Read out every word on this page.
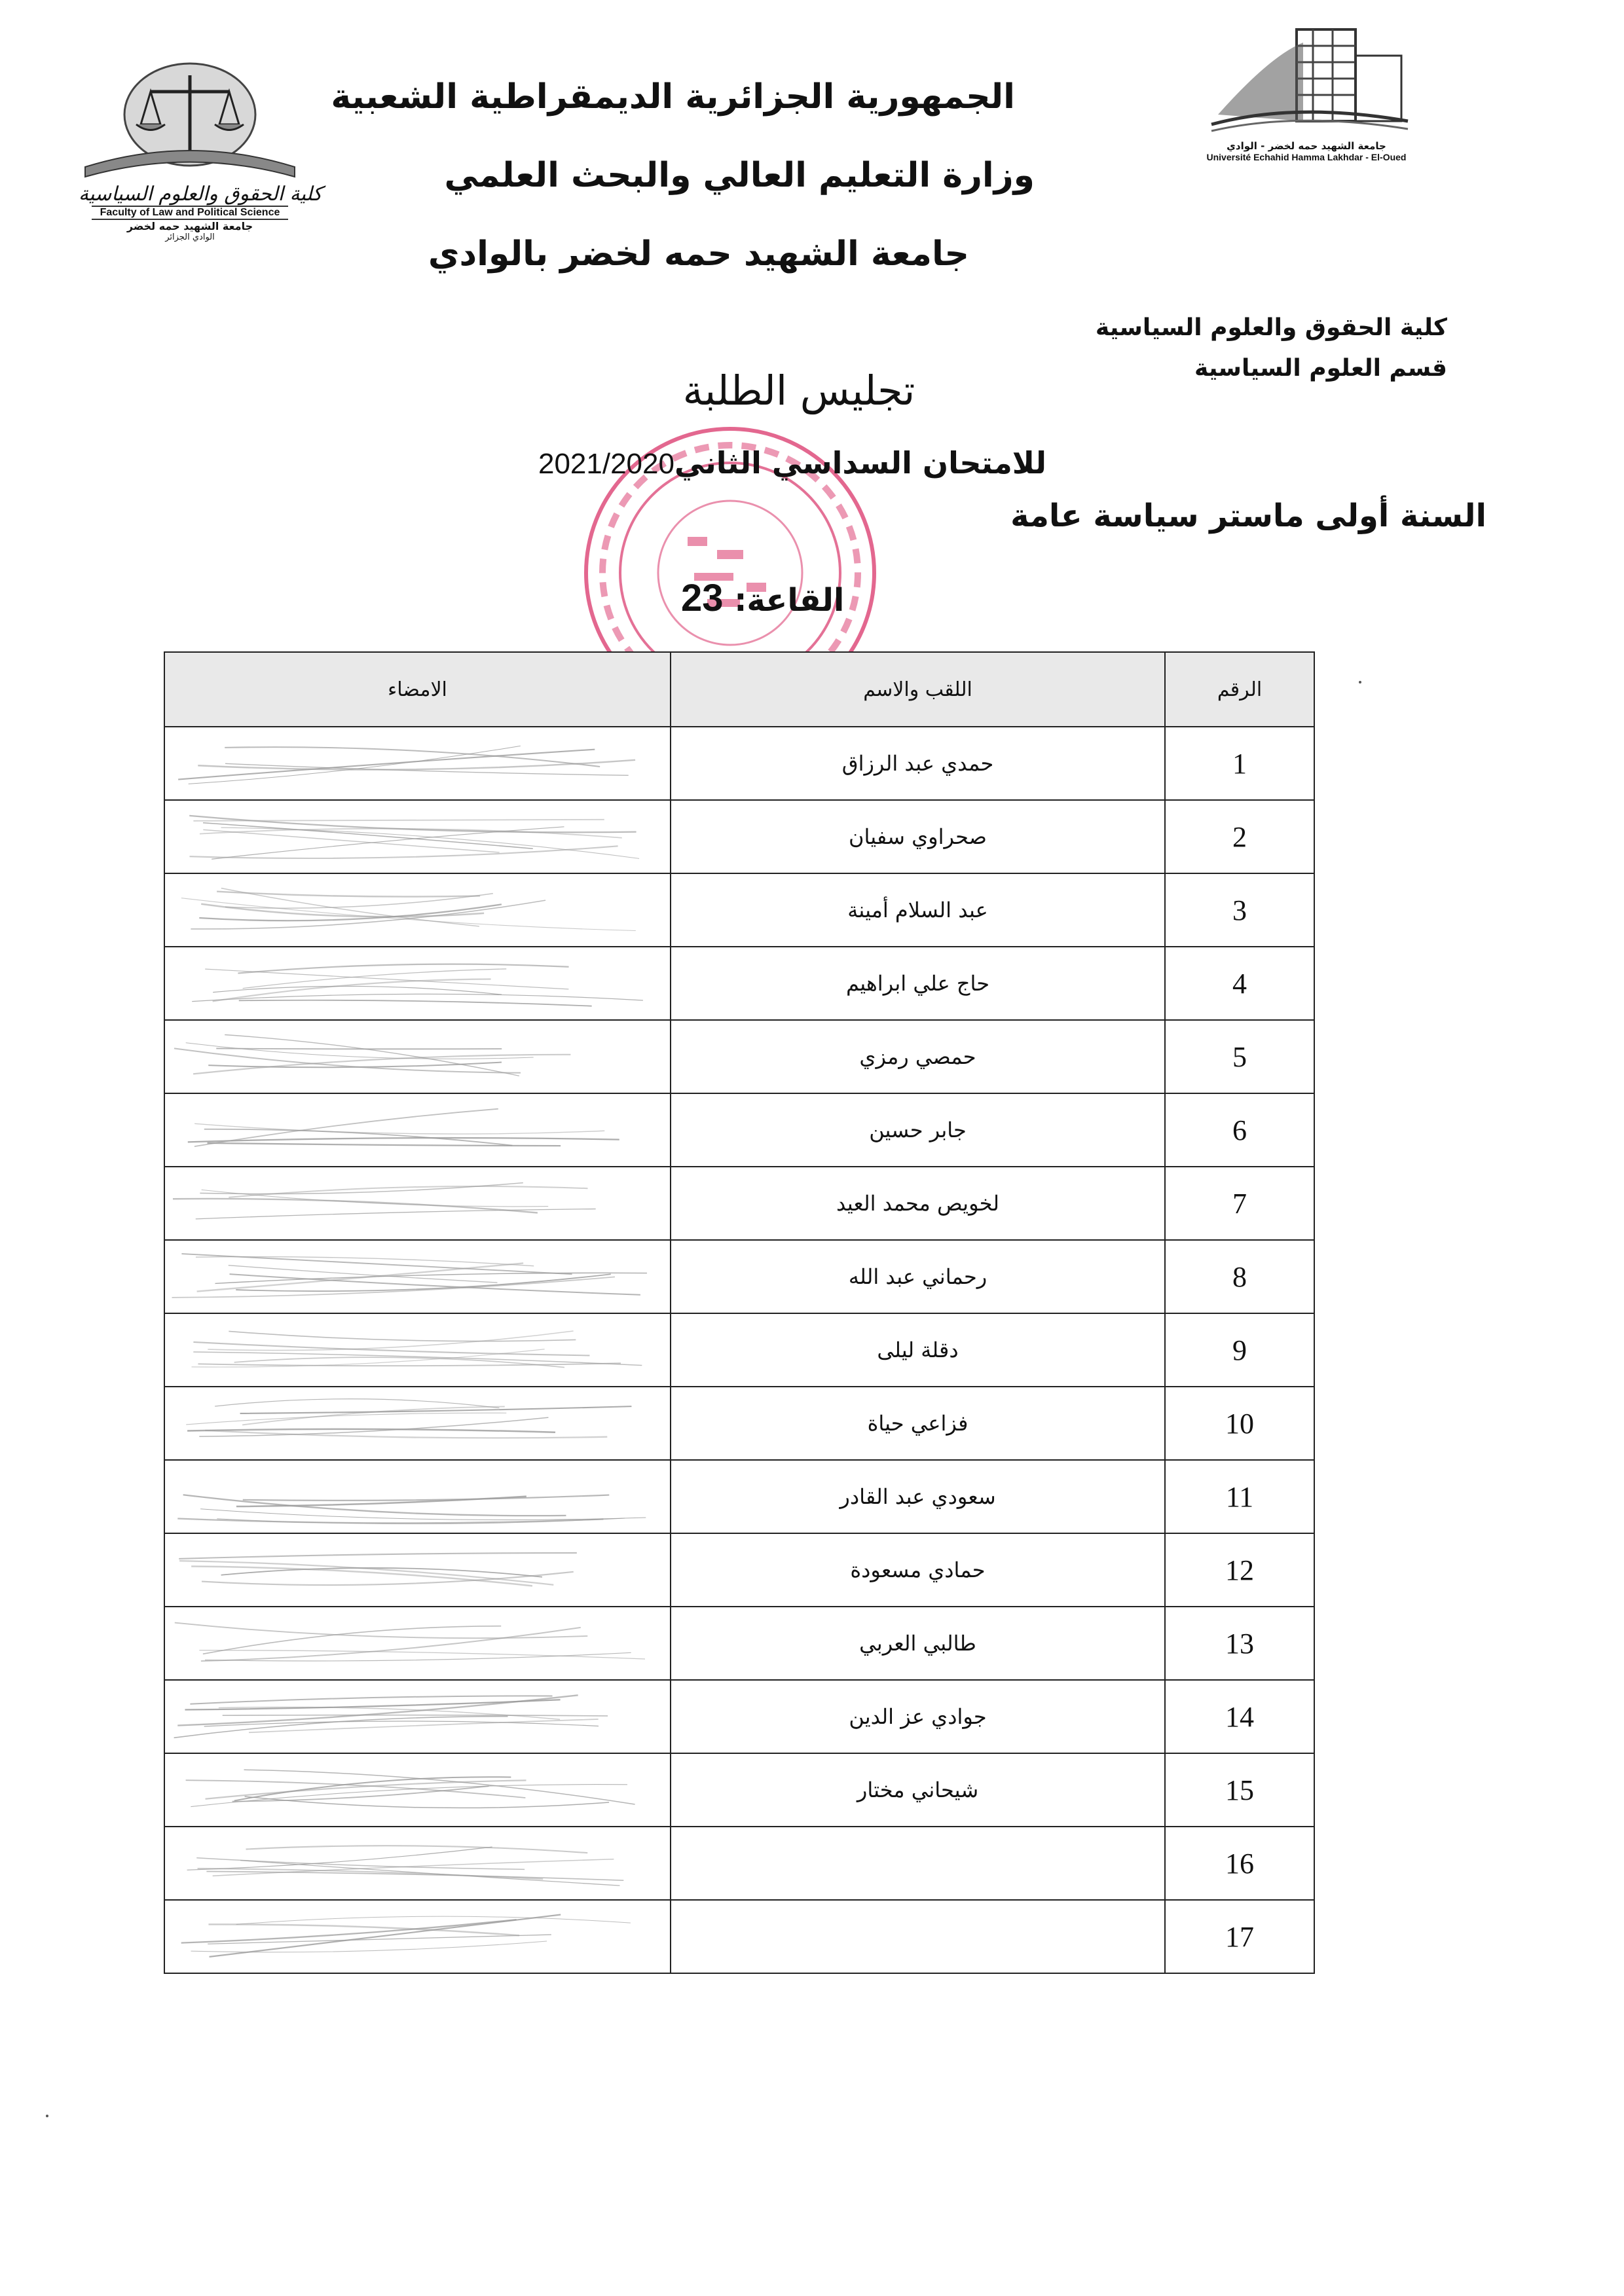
جامعة الشهيد حمه لخضر - الوادي
Université Echahid Hamma Lakhdar - El-Oued
كلية الحقوق والعلوم السياسية
Faculty of Law and Political Science
جامعة الشهيد حمه لخضر
الوادي الجزائر
الجمهورية الجزائرية الديمقراطية الشعبية
وزارة التعليم العالي والبحث العلمي
جامعة الشهيد حمه لخضر بالوادي
كلية الحقوق والعلوم السياسية
قسم العلوم السياسية
تجليس الطلبة
للامتحان السداسي الثاني2021/2020
السنة أولى ماستر سياسة عامة
القاعة: 23
الرقم	اللقب والاسم	الامضاء
1	حمدي عبد الرزاق	

2	صحراوي سفيان	

3	عبد السلام أمينة	

4	حاج علي ابراهيم	

5	حمصي رمزي	

6	جابر حسين	

7	لخويص محمد العيد	

8	رحماني عبد الله	

9	دقلة ليلى	

10	فزاعي حياة	

11	سعودي عبد القادر	

12	حمادي مسعودة	

13	طالبي العربي	

14	جوادي عز الدين	

15	شيحاني مختار	

16		

17		
